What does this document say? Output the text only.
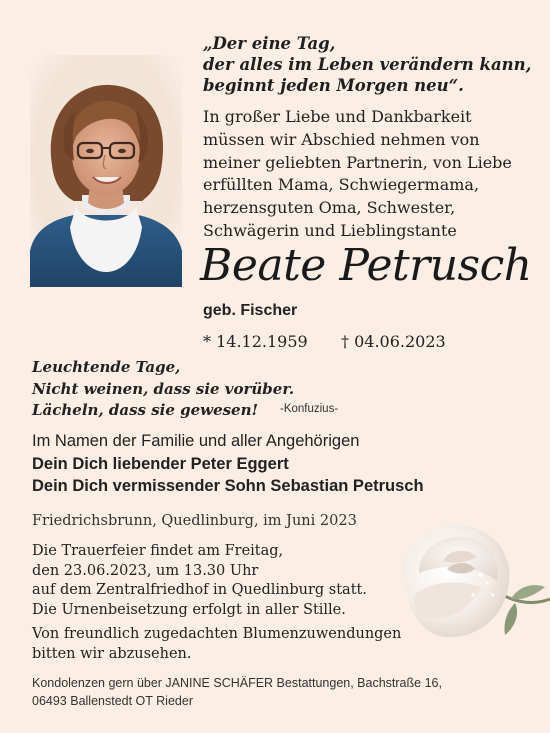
„Der eine Tag,
der alles im Leben verändern kann,
beginnt jeden Morgen neu“.
In großer Liebe und Dankbarkeit
müssen wir Abschied nehmen von
meiner geliebten Partnerin, von Liebe
erfüllten Mama, Schwiegermama,
herzensguten Oma, Schwester,
Schwägerin und Lieblingstante
Beate Petrusch
geb. Fischer
* 14.12.1959 † 04.06.2023
Leuchtende Tage,
Nicht weinen, dass sie vorüber.
Lächeln, dass sie gewesen!	-Konfuzius-
Im Namen der Familie und aller Angehörigen
Dein Dich liebender Peter Eggert
Dein Dich vermissender Sohn Sebastian Petrusch
Friedrichsbrunn, Quedlinburg, im Juni 2023
Die Trauerfeier findet am Freitag,
den 23.06.2023, um 13.30 Uhr
auf dem Zentralfriedhof in Quedlinburg statt.
Die Urnenbeisetzung erfolgt in aller Stille.
Von freundlich zugedachten Blumenzuwendungen
bitten wir abzusehen.
Kondolenzen gern über JANINE SCHÄFER Bestattungen, Bachstraße 16,
06493 Ballenstedt OT Rieder
